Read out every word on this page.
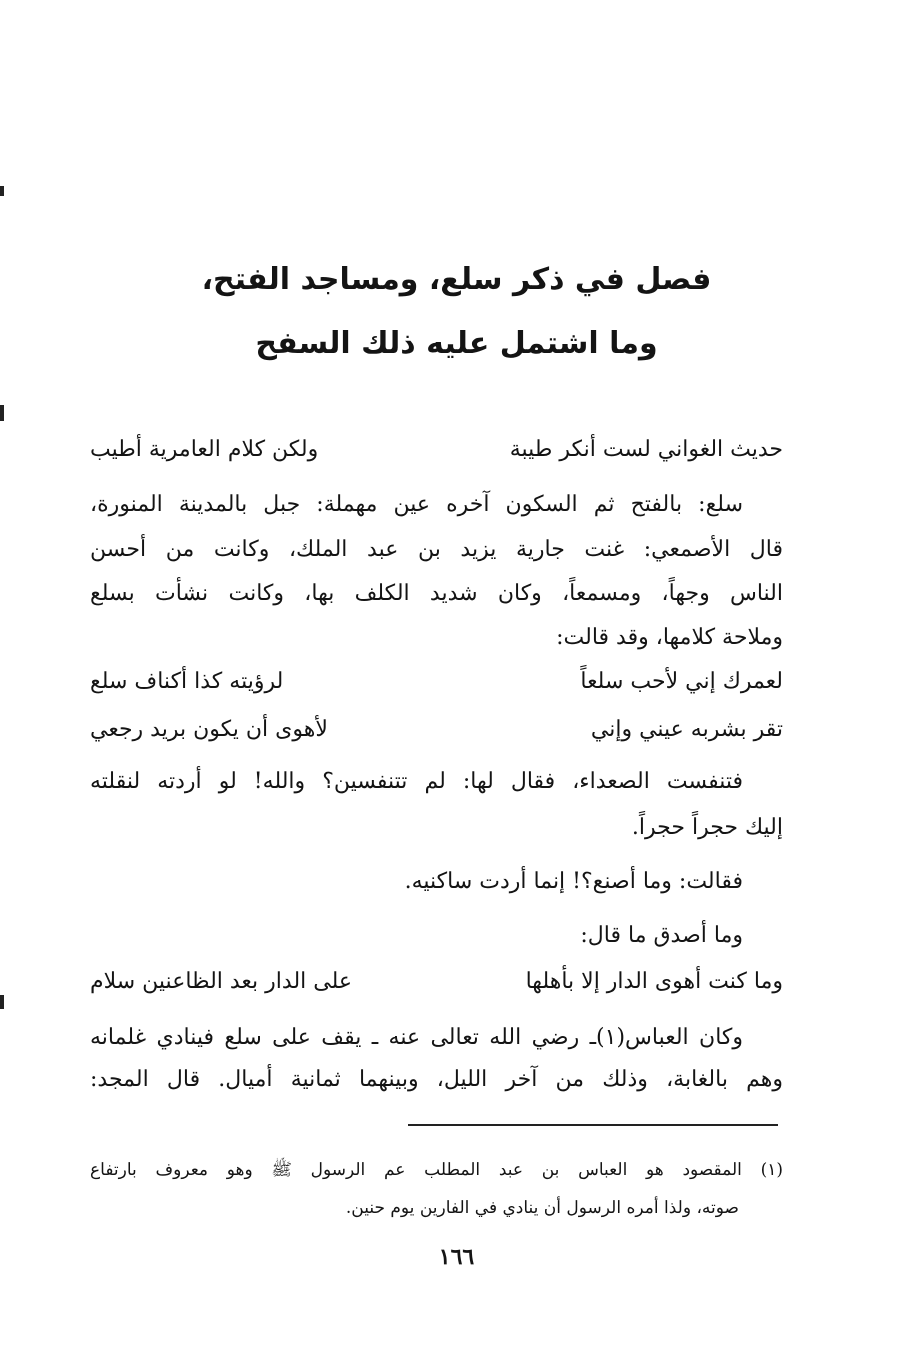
فصل في ذكر سلع، ومساجد الفتح،
وما اشتمل عليه ذلك السفح
حديث الغواني لست أنكر طيبة
ولكن كلام العامرية أطيب
سلع: بالفتح ثم السكون آخره عين مهملة: جبل بالمدينة المنورة،
قال الأصمعي: غنت جارية يزيد بن عبد الملك، وكانت من أحسن
الناس وجهاً، ومسمعاً، وكان شديد الكلف بها، وكانت نشأت بسلع
وملاحة كلامها، وقد قالت:
لعمرك إني لأحب سلعاً
لرؤيته كذا أكناف سلع
تقر بشربه عيني وإني
لأهوى أن يكون بريد رجعي
فتنفست الصعداء، فقال لها: لم تتنفسين؟ والله! لو أردته لنقلته
إليك حجراً حجراً.
فقالت: وما أصنع؟! إنما أردت ساكنيه.
وما أصدق ما قال:
وما كنت أهوى الدار إلا بأهلها
على الدار بعد الظاعنين سلام
وكان العباس(١)ـ رضي الله تعالى عنه ـ يقف على سلع فينادي غلمانه
وهم بالغابة، وذلك من آخر الليل، وبينهما ثمانية أميال. قال المجد:
(١) المقصود هو العباس بن عبد المطلب عم الرسول ﷺ وهو معروف بارتفاع
صوته، ولذا أمره الرسول أن ينادي في الفارين يوم حنين.
١٦٦
